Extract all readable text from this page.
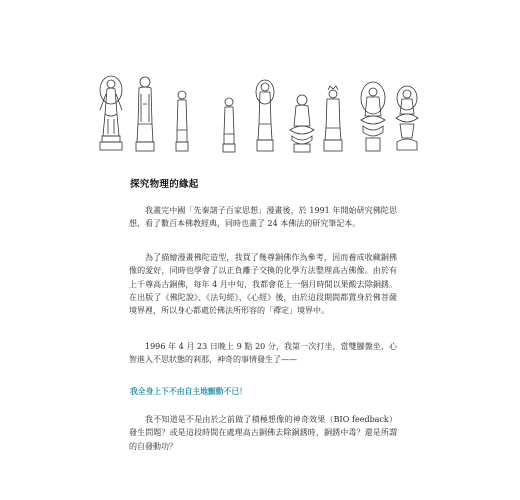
探究物理的緣起

我畫完中國「先秦諸子百家思想」漫畫後，於 1991 年開始研究佛陀思想，看了數百本佛教經典，同時也畫了 24 本佛法的研究筆記本。

為了描繪漫畫佛陀造型，我買了幾尊銅佛作為參考，因而養成收藏銅佛像的愛好，同時也學會了以正負離子交換的化學方法整理高古佛像。由於有上千尊高古銅佛，每年 4 月中旬，我都會花上一個月時間以果酸去除銅銹。在出版了《佛陀說》、《法句經》、《心經》後，由於這段期間都置身於佛菩薩境界裡，所以身心都處於佛法所形容的「禪定」境界中。

1996 年 4 月 23 日晚上 9 點 20 分，我第一次打坐，當雙腳盤坐、心智進入不思狀態的剎那，神奇的事情發生了——

我全身上下不由自主地顫動不已！

我不知道是不是由於之前做了積極想像的神奇效果（BIO feedback）發生問題？或是這段時間在處理高古銅佛去除銅銹時，銅銹中毒？還是所謂的自發動功？
